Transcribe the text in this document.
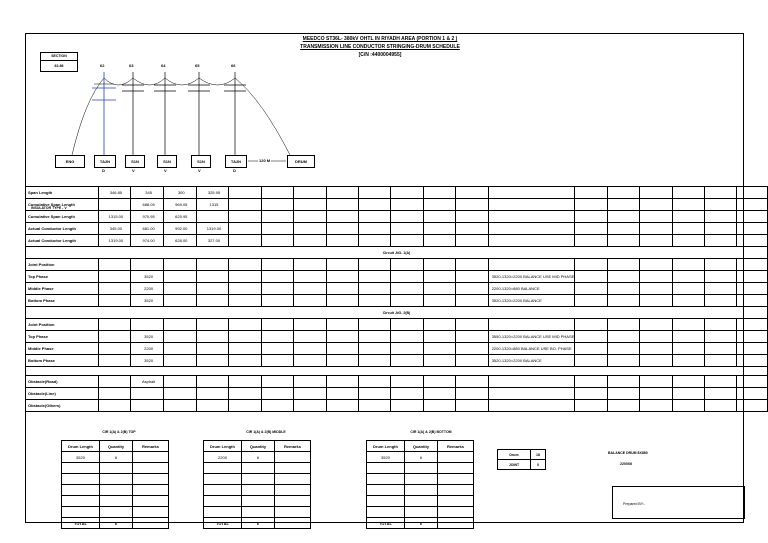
MEEDCO ST36L- 380kV OHTL IN RIYADH AREA (PORTION 1 & 2 )
TRANSMISSION LINE CONDUCTOR STRINGING-DRUM SCHEDULE
[C/N :4400004955]
SECTION
62-66	62	63	64	65	66
ENG	TA2N	S1N	S1N	S1N	TA2N	DRUM
120 M
D	V	V	V	D
INSULATOR TYPE - V
Span Length	346.85	345	300	325.95															
Cumulative Span Length		688.05	969.05	1315															
Cumulative Span Length	1315.00	970.95	625.95																
Actual Conductor Length	345.00	681.00	992.00	1319.00															
Actual Conductor Length	1319.00	974.00	628.00	327.00															
Circuit -NO- 1(A)																			
Joint Position																			
Top Phase		3520											3520-1320=2200 BALANCE USE MID PHASE						
Middle Phase		2200											2200-1320=880 BALANCE						
Bottom Phase		3520											3520-1320=2200 BALANCE						
Circuit -NO- 2(B)																			
Joint Position																			
Top Phase		3520											3550-1320=2200 BALANCE USE MID PHASE						
Middle Phase		2200											2200-1320=880 BALANCE USE BO. PHASE						
Bottom Phase		3520											3520-1320=2200 BALANCE						

Obstacle(Road)		Asphalt																	
Obstacle(Line)																			
Obstacle(Others)																			
CIR 1(A) & 2(B) TOP	CIR 1(A) & 2(B) MIDDLE	CIR 1(A) & 2(B) BOTTOM
Drum Length	Quantity	Remarks
3520	6	

TOTAL	6	
Drum Length	Quantity	Remarks
2200	6	

TOTAL	6	
Drum Length	Quantity	Remarks
3520	6	

TOTAL	6	
Drum	18
JOINT	0
BALANCE DRUM 8X880
2200X6
Prepared BY:-
